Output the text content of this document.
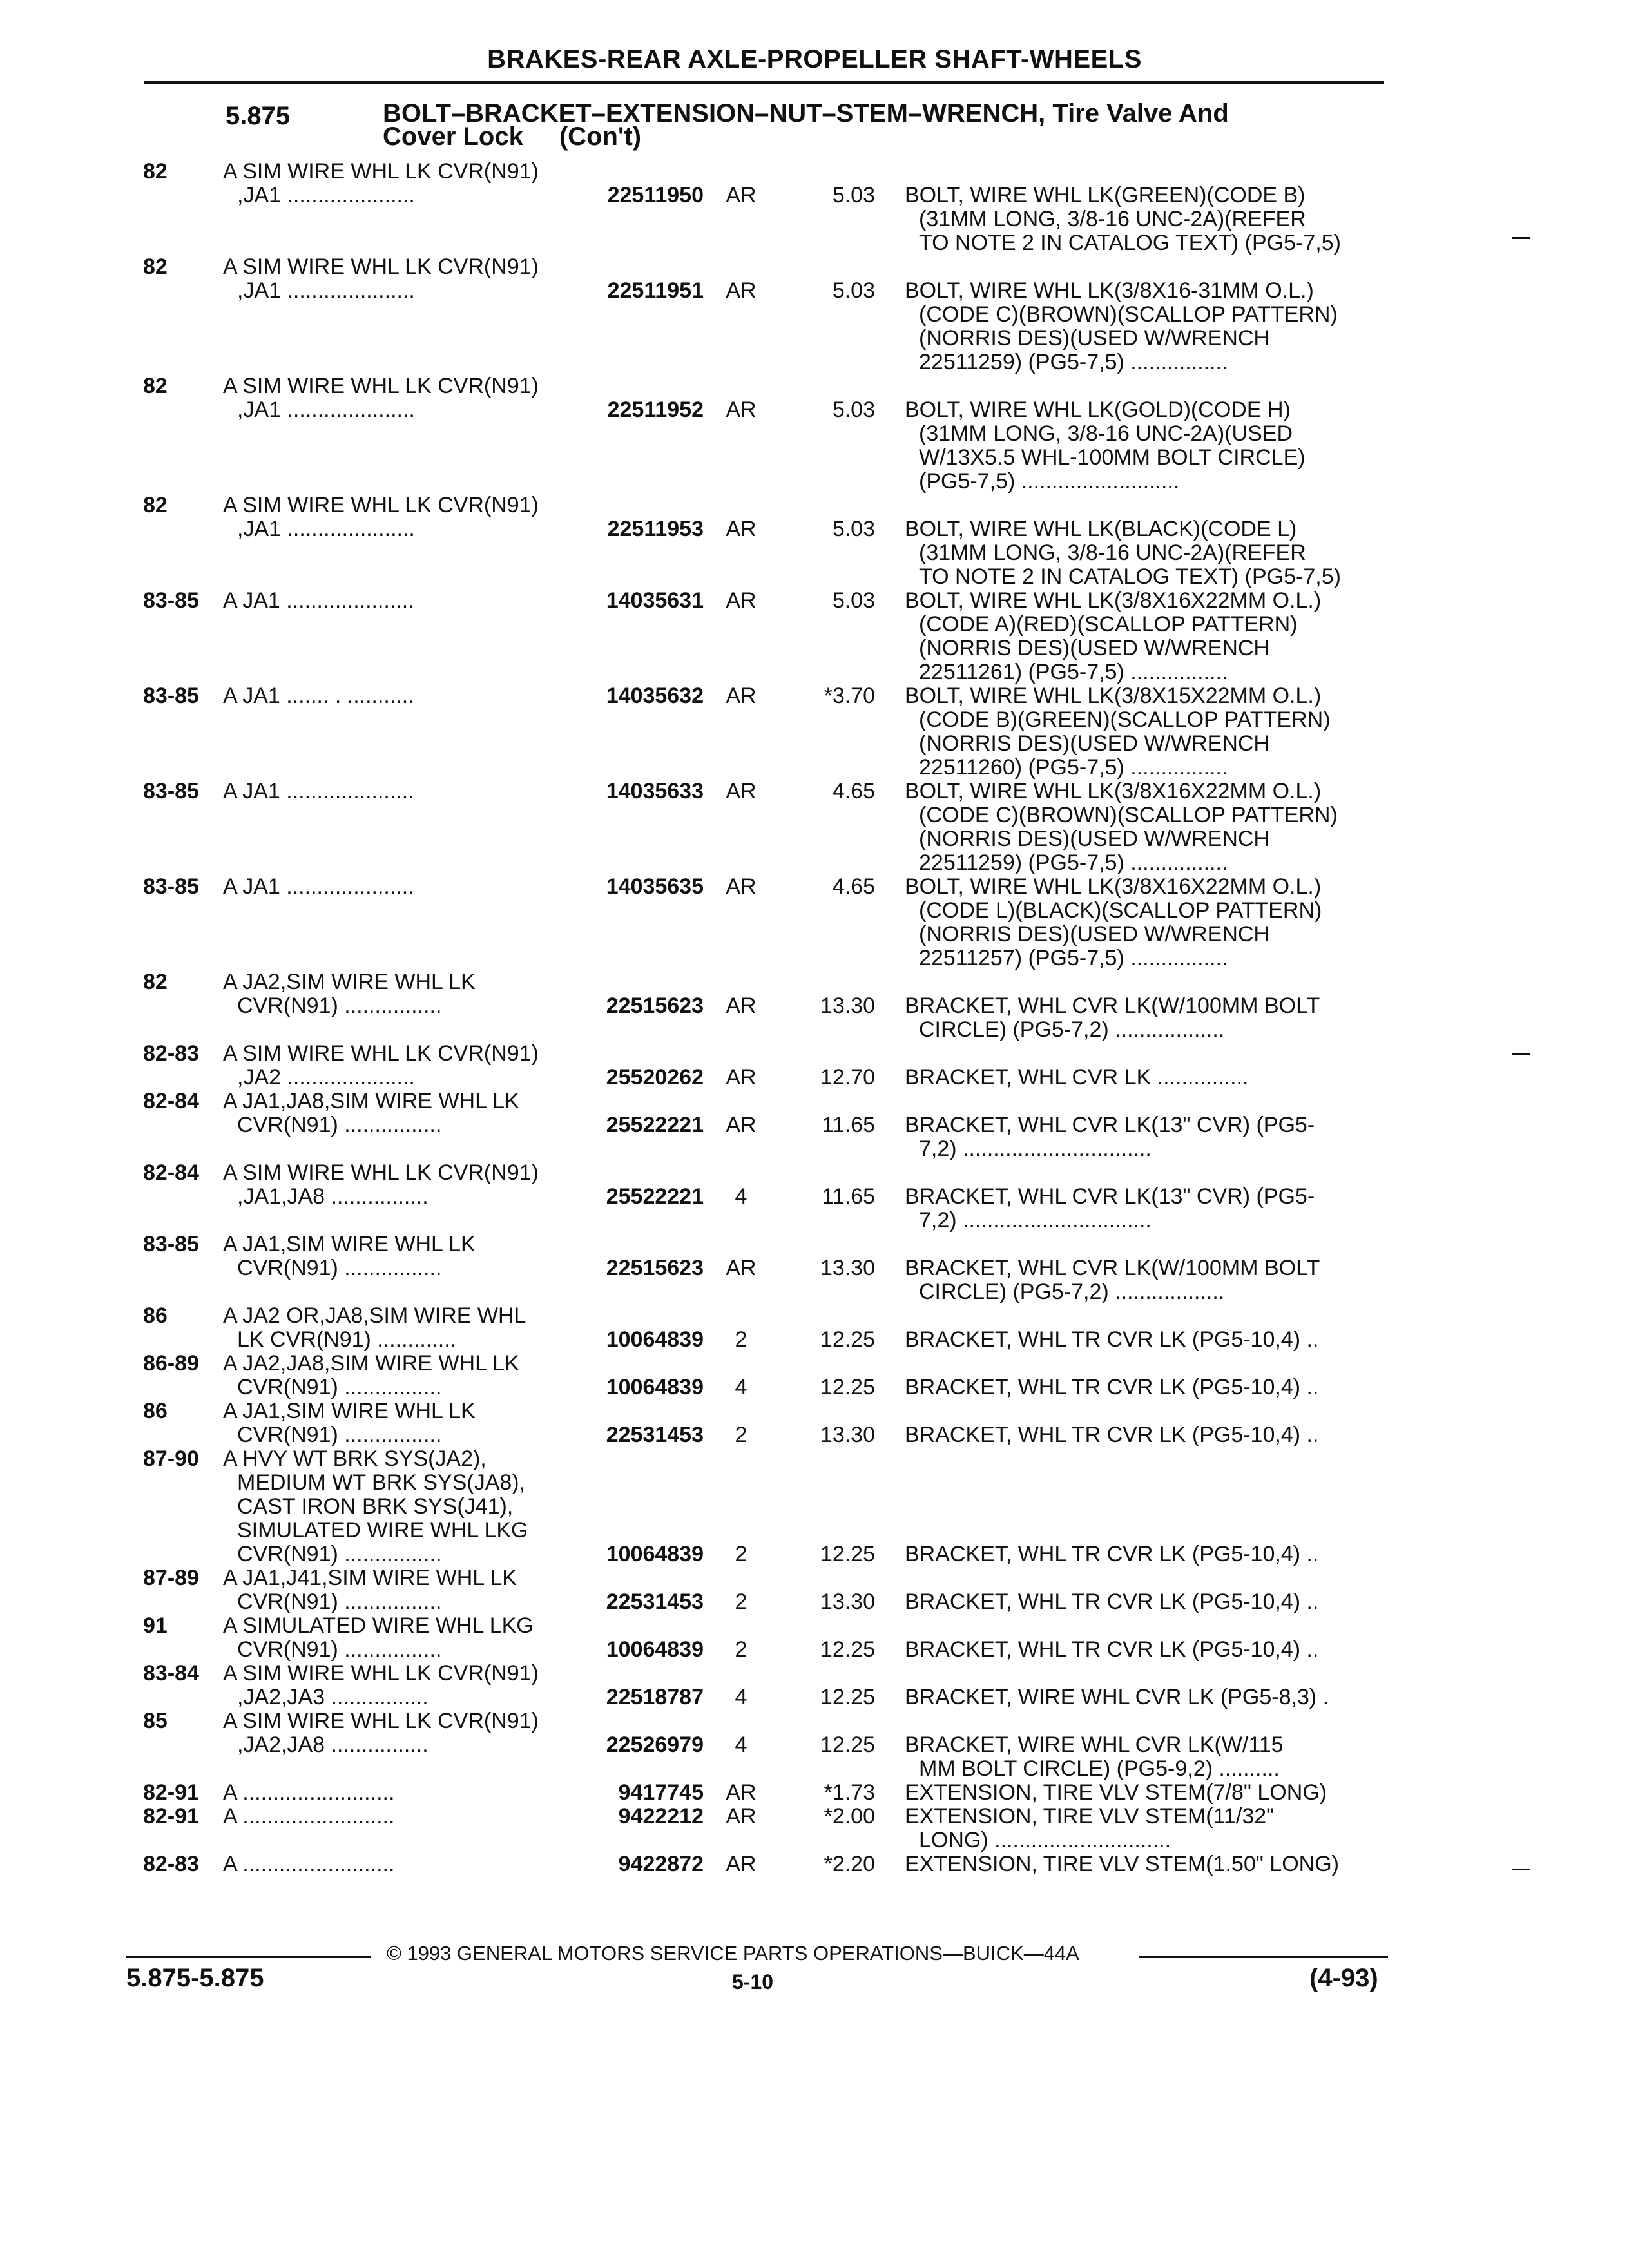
BRAKES-REAR AXLE-PROPELLER SHAFT-WHEELS
5.875	BOLT–BRACKET–EXTENSION–NUT–STEM–WRENCH, Tire Valve And
Cover Lock (Con't)
82	A SIM WIRE WHL LK CVR(N91)
,JA1 .....................	22511950	AR	5.03 BOLT, WIRE WHL LK(GREEN)(CODE B)
(31MM LONG, 3/8-16 UNC-2A)(REFER
TO NOTE 2 IN CATALOG TEXT) (PG5-7,5)
82	A SIM WIRE WHL LK CVR(N91)
,JA1 .....................	22511951	AR	5.03 BOLT, WIRE WHL LK(3/8X16-31MM O.L.)
(CODE C)(BROWN)(SCALLOP PATTERN)
(NORRIS DES)(USED W/WRENCH
22511259) (PG5-7,5) ................
82	A SIM WIRE WHL LK CVR(N91)
,JA1 .....................	22511952	AR	5.03 BOLT, WIRE WHL LK(GOLD)(CODE H)
(31MM LONG, 3/8-16 UNC-2A)(USED
W/13X5.5 WHL-100MM BOLT CIRCLE)
(PG5-7,5) ..........................
82	A SIM WIRE WHL LK CVR(N91)
,JA1 .....................	22511953	AR	5.03 BOLT, WIRE WHL LK(BLACK)(CODE L)
(31MM LONG, 3/8-16 UNC-2A)(REFER
TO NOTE 2 IN CATALOG TEXT) (PG5-7,5)
83-85 A JA1 .....................	14035631	AR	5.03 BOLT, WIRE WHL LK(3/8X16X22MM O.L.)
(CODE A)(RED)(SCALLOP PATTERN)
(NORRIS DES)(USED W/WRENCH
22511261) (PG5-7,5) ................
83-85 A JA1 ....... . ...........	14035632	AR	*3.70 BOLT, WIRE WHL LK(3/8X15X22MM O.L.)
(CODE B)(GREEN)(SCALLOP PATTERN)
(NORRIS DES)(USED W/WRENCH
22511260) (PG5-7,5) ................
83-85 A JA1 .....................	14035633	AR	4.65 BOLT, WIRE WHL LK(3/8X16X22MM O.L.)
(CODE C)(BROWN)(SCALLOP PATTERN)
(NORRIS DES)(USED W/WRENCH
22511259) (PG5-7,5) ................
83-85 A JA1 .....................	14035635	AR	4.65 BOLT, WIRE WHL LK(3/8X16X22MM O.L.)
(CODE L)(BLACK)(SCALLOP PATTERN)
(NORRIS DES)(USED W/WRENCH
22511257) (PG5-7,5) ................
82	A JA2,SIM WIRE WHL LK
CVR(N91) ................	22515623	AR	13.30 BRACKET, WHL CVR LK(W/100MM BOLT
CIRCLE) (PG5-7,2) ..................
82-83 A SIM WIRE WHL LK CVR(N91)
,JA2 .....................	25520262	AR	12.70 BRACKET, WHL CVR LK ...............
82-84 A JA1,JA8,SIM WIRE WHL LK
CVR(N91) ................	25522221	AR	11.65 BRACKET, WHL CVR LK(13" CVR) (PG5-
7,2) ...............................
82-84 A SIM WIRE WHL LK CVR(N91)
,JA1,JA8 ................	25522221	4	11.65 BRACKET, WHL CVR LK(13" CVR) (PG5-
7,2) ...............................
83-85 A JA1,SIM WIRE WHL LK
CVR(N91) ................	22515623	AR	13.30 BRACKET, WHL CVR LK(W/100MM BOLT
CIRCLE) (PG5-7,2) ..................
86	A JA2 OR,JA8,SIM WIRE WHL
LK CVR(N91) .............	10064839	2	12.25 BRACKET, WHL TR CVR LK (PG5-10,4) ..
86-89 A JA2,JA8,SIM WIRE WHL LK
CVR(N91) ................	10064839	4	12.25 BRACKET, WHL TR CVR LK (PG5-10,4) ..
86	A JA1,SIM WIRE WHL LK
CVR(N91) ................	22531453	2	13.30 BRACKET, WHL TR CVR LK (PG5-10,4) ..
87-90 A HVY WT BRK SYS(JA2),
MEDIUM WT BRK SYS(JA8),
CAST IRON BRK SYS(J41),
SIMULATED WIRE WHL LKG
CVR(N91) ................	10064839	2	12.25 BRACKET, WHL TR CVR LK (PG5-10,4) ..
87-89 A JA1,J41,SIM WIRE WHL LK
CVR(N91) ................	22531453	2	13.30 BRACKET, WHL TR CVR LK (PG5-10,4) ..
91	A SIMULATED WIRE WHL LKG
CVR(N91) ................	10064839	2	12.25 BRACKET, WHL TR CVR LK (PG5-10,4) ..
83-84 A SIM WIRE WHL LK CVR(N91)
,JA2,JA3 ................	22518787	4	12.25 BRACKET, WIRE WHL CVR LK (PG5-8,3) .
85	A SIM WIRE WHL LK CVR(N91)
,JA2,JA8 ................	22526979	4	12.25 BRACKET, WIRE WHL CVR LK(W/115
MM BOLT CIRCLE) (PG5-9,2) ..........
82-91 A .........................	9417745	AR	*1.73 EXTENSION, TIRE VLV STEM(7/8" LONG)
82-91 A .........................	9422212	AR	*2.00 EXTENSION, TIRE VLV STEM(11/32"
LONG) .............................
82-83 A .........................	9422872	AR	*2.20 EXTENSION, TIRE VLV STEM(1.50" LONG)
© 1993 GENERAL MOTORS SERVICE PARTS OPERATIONS—BUICK—44A
5.875-5.875	5-10	(4-93)
